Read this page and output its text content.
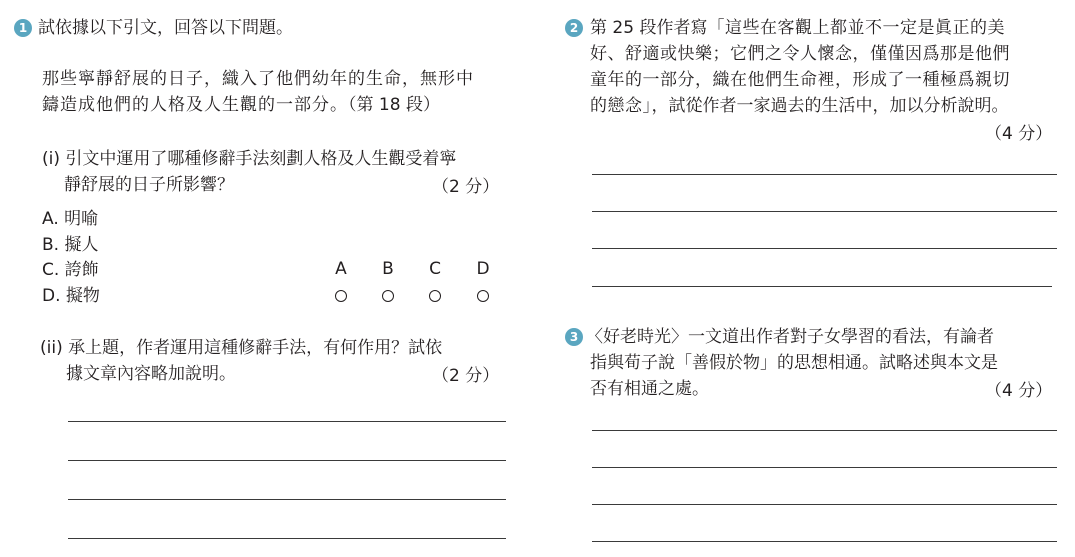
1 試依據以下引文，回答以下問題。
那些寧靜舒展的日子，織入了他們幼年的生命，無形中
鑄造成他們的人格及人生觀的一部分。（第 18 段）
(i) 引文中運用了哪種修辭手法刻劃人格及人生觀受着寧
靜舒展的日子所影響？	（2 分）
A. 明喻
B. 擬人
C. 誇飾
D. 擬物
A B C D
(ii) 承上題，作者運用這種修辭手法，有何作用？試依
據文章內容略加說明。	（2 分）
2 第 25 段作者寫「這些在客觀上都並不一定是眞正的美
好、舒適或快樂；它們之令人懷念，僅僅因爲那是他們
童年的一部分，織在他們生命裡，形成了一種極爲親切
的戀念」，試從作者一家過去的生活中，加以分析說明。
（4 分）
3 〈好老時光〉一文道出作者對子女學習的看法，有論者
指與荀子說「善假於物」的思想相通。試略述與本文是
否有相通之處。	（4 分）
